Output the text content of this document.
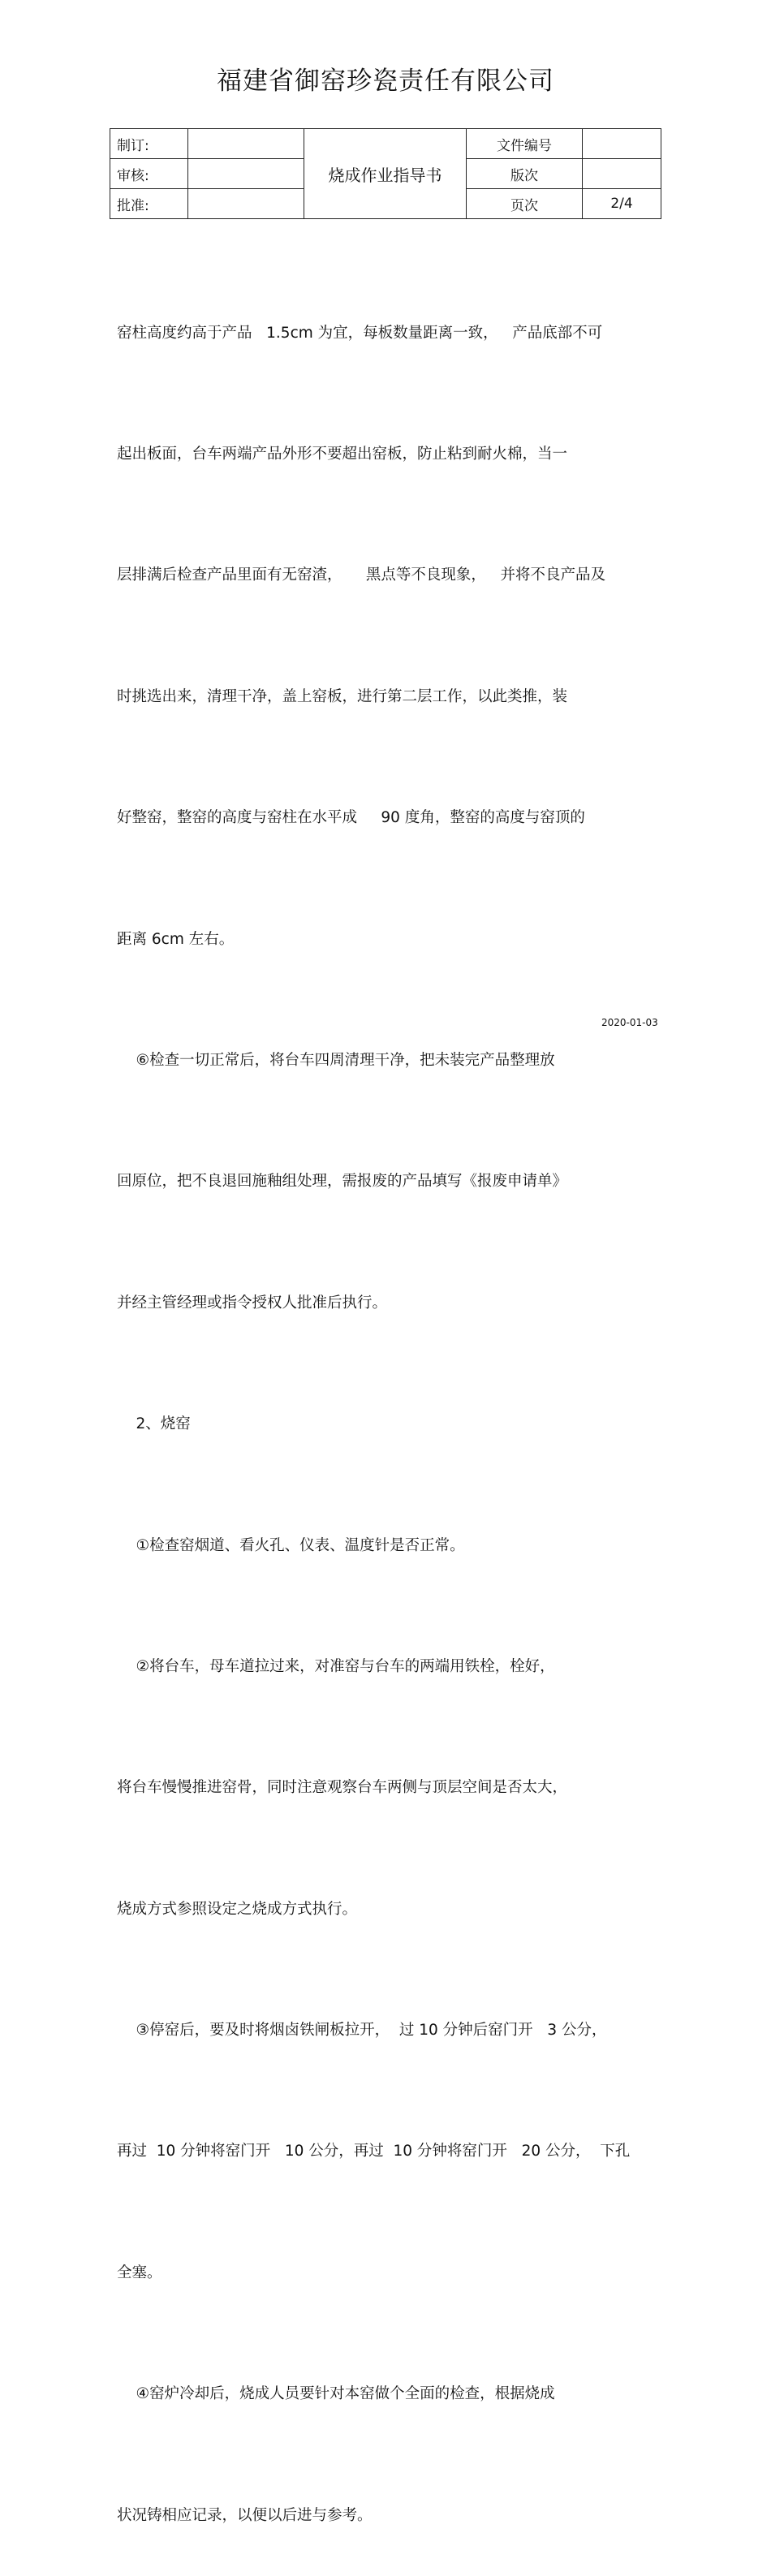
福建省御窑珍瓷责任有限公司
制订:		烧成作业指导书	文件编号	
审核:			版次	
批准:			页次	2/4

窑柱高度约高于产品   1.5cm 为宜，每板数量距离一致，   产品底部不可

起出板面，台车两端产品外形不要超出窑板，防止粘到耐火棉，当一

层排满后检查产品里面有无窑渣，     黑点等不良现象，   并将不良产品及

时挑选出来，清理干净，盖上窑板，进行第二层工作，以此类推，装

好整窑，整窑的高度与窑柱在水平成     90 度角，整窑的高度与窑顶的

距离 6cm 左右。

⑥检查一切正常后，将台车四周清理干净，把未装完产品整理放

回原位，把不良退回施釉组处理，需报废的产品填写《报废申请单》

并经主管经理或指令授权人批准后执行。

2、烧窑

①检查窑烟道、看火孔、仪表、温度针是否正常。

②将台车，母车道拉过来，对准窑与台车的两端用铁栓，栓好，

将台车慢慢推进窑骨，同时注意观察台车两侧与顶层空间是否太大，

烧成方式参照设定之烧成方式执行。

③停窑后，要及时将烟卤铁闸板拉开，  过 10 分钟后窑门开   3 公分，

再过  10 分钟将窑门开   10 公分，再过  10 分钟将窑门开   20 公分，  下孔

全塞。

④窑炉冷却后，烧成人员要针对本窑做个全面的检查，根据烧成

状况铸相应记录，以便以后进与参考。

2020-01-03
